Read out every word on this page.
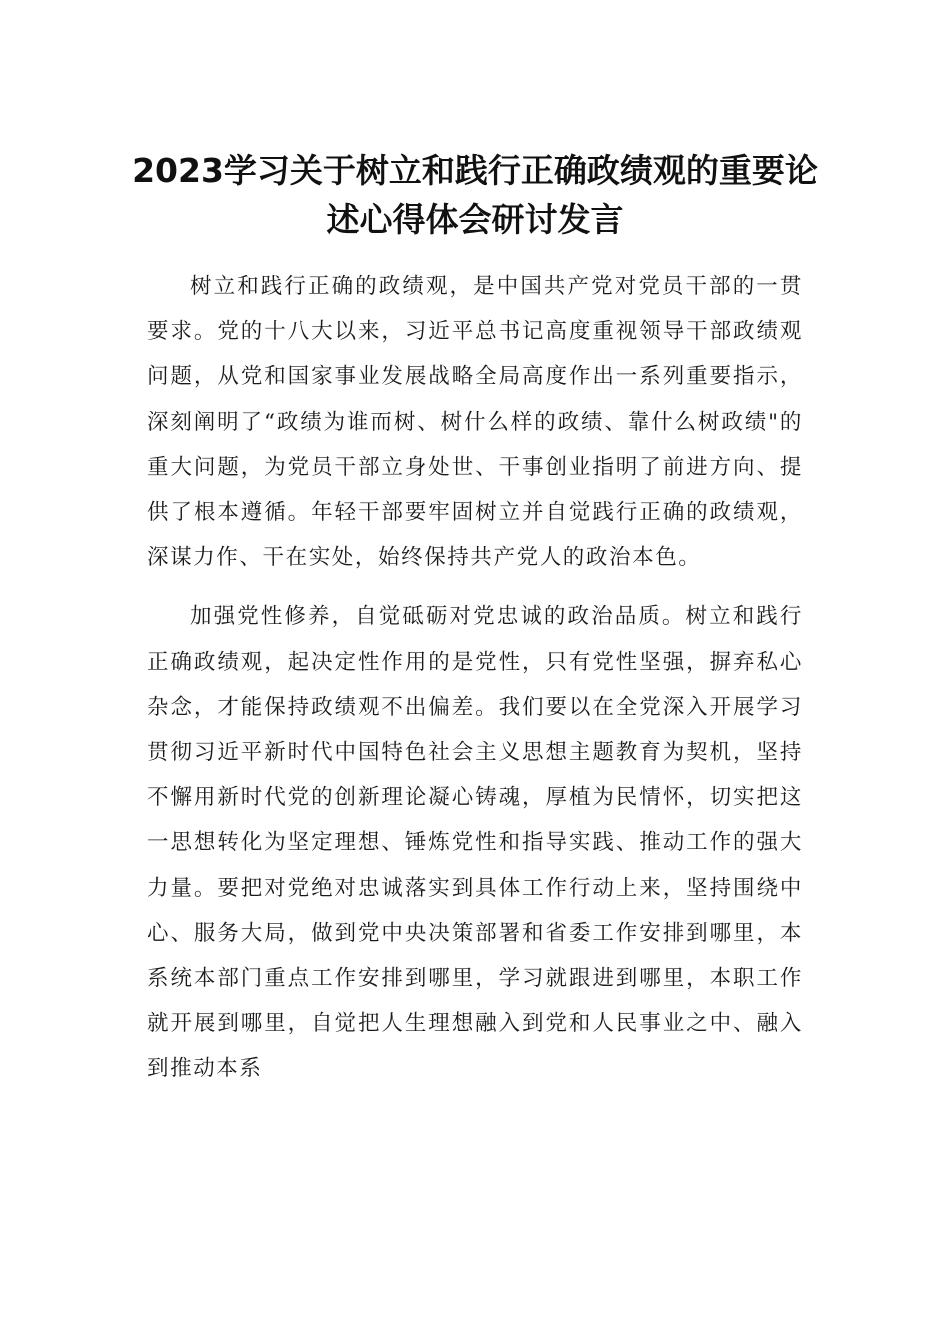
2023学习关于树立和践行正确政绩观的重要论述心得体会研讨发言

树立和践行正确的政绩观，是中国共产党对党员干部的一贯要求。党的十八大以来，习近平总书记高度重视领导干部政绩观问题，从党和国家事业发展战略全局高度作出一系列重要指示，深刻阐明了“政绩为谁而树、树什么样的政绩、靠什么树政绩"的重大问题，为党员干部立身处世、干事创业指明了前进方向、提供了根本遵循。年轻干部要牢固树立并自觉践行正确的政绩观，深谋力作、干在实处，始终保持共产党人的政治本色。

加强党性修养，自觉砥砺对党忠诚的政治品质。树立和践行正确政绩观，起决定性作用的是党性，只有党性坚强，摒弃私心杂念，才能保持政绩观不出偏差。我们要以在全党深入开展学习贯彻习近平新时代中国特色社会主义思想主题教育为契机，坚持不懈用新时代党的创新理论凝心铸魂，厚植为民情怀，切实把这一思想转化为坚定理想、锤炼党性和指导实践、推动工作的强大力量。要把对党绝对忠诚落实到具体工作行动上来，坚持围绕中心、服务大局，做到党中央决策部署和省委工作安排到哪里，本系统本部门重点工作安排到哪里，学习就跟进到哪里，本职工作就开展到哪里，自觉把人生理想融入到党和人民事业之中、融入到推动本系
